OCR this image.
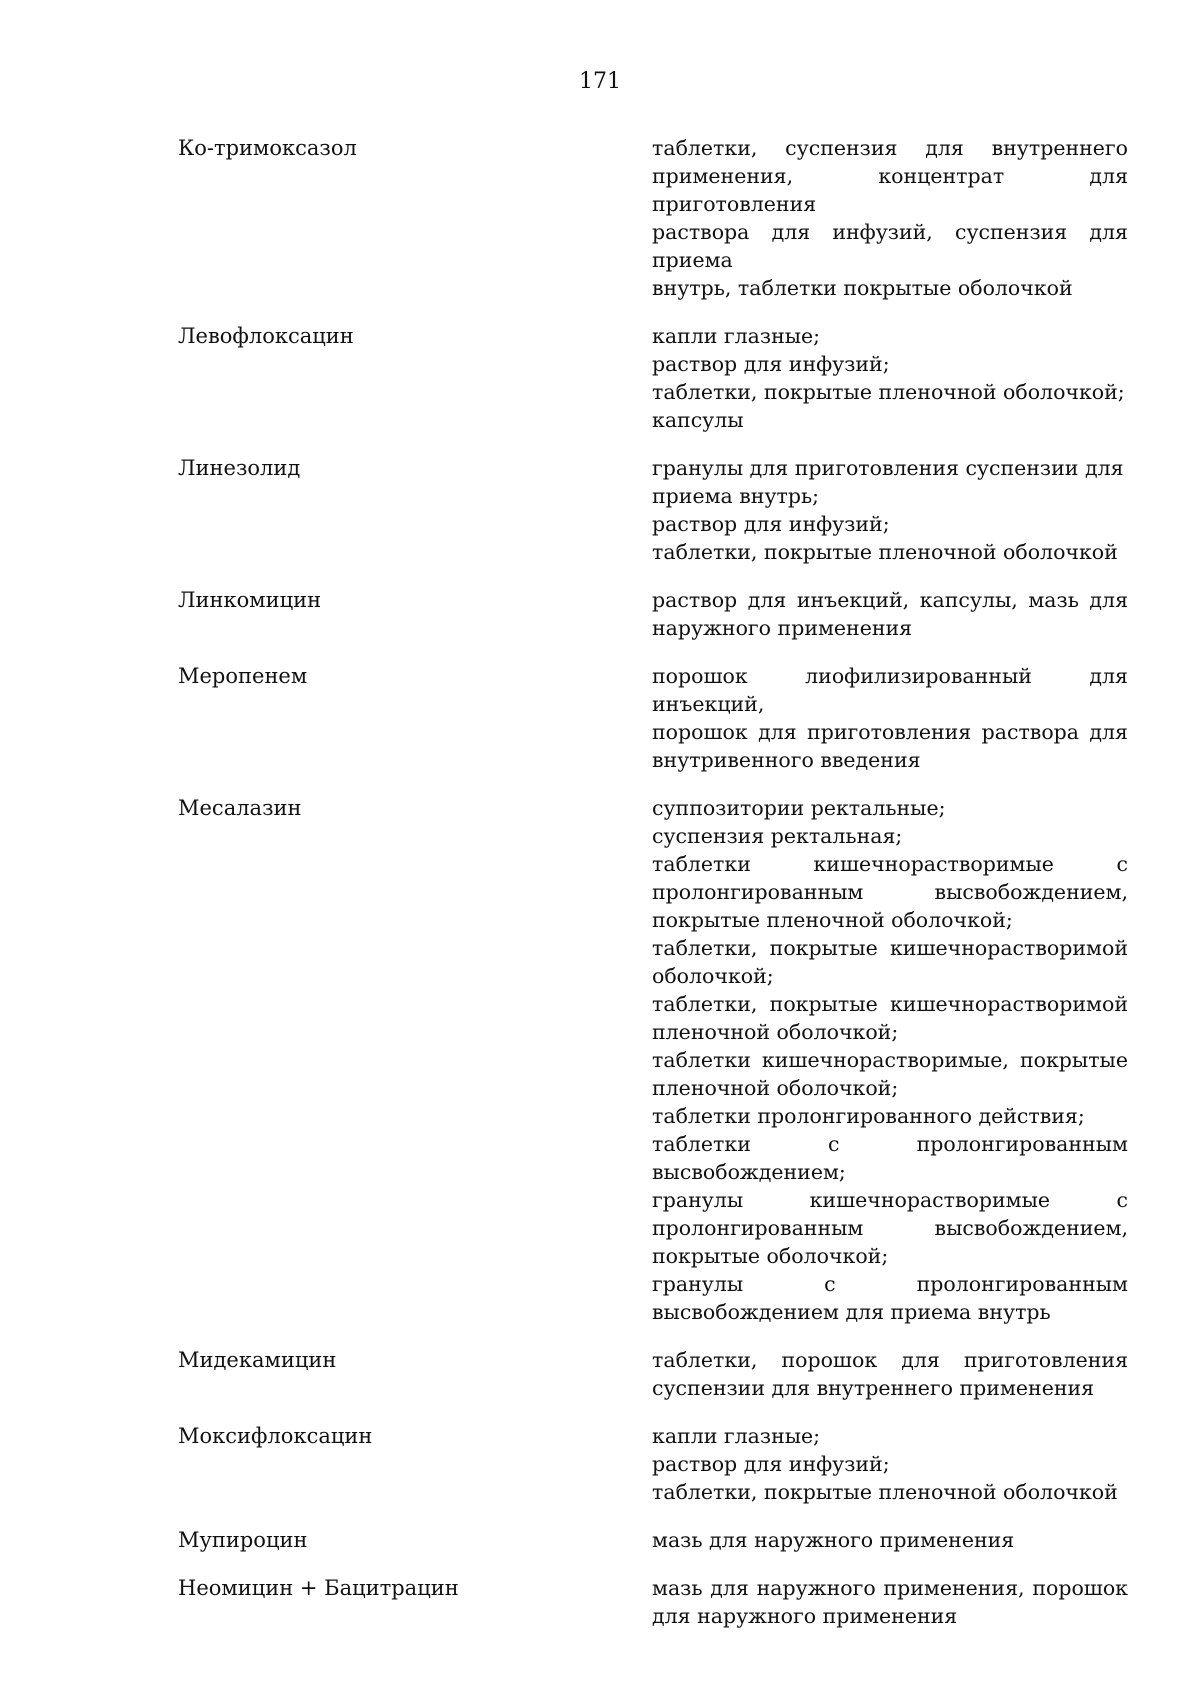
171
Ко-тримоксазол	таблетки, суспензия для внутреннего
применения, концентрат для приготовления
раствора для инфузий, суспензия для приема
внутрь, таблетки покрытые оболочкой
Левофлоксацин	капли глазные;
раствор для инфузий;
таблетки, покрытые пленочной оболочкой;
капсулы
Линезолид	гранулы для приготовления суспензии для
приема внутрь;
раствор для инфузий;
таблетки, покрытые пленочной оболочкой
Линкомицин	раствор для инъекций, капсулы, мазь для
наружного применения
Меропенем	порошок лиофилизированный для инъекций,
порошок для приготовления раствора для
внутривенного введения
Месалазин	суппозитории ректальные;
суспензия ректальная;
таблетки кишечнорастворимые с
пролонгированным высвобождением,
покрытые пленочной оболочкой;
таблетки, покрытые кишечнорастворимой
оболочкой;
таблетки, покрытые кишечнорастворимой
пленочной оболочкой;
таблетки кишечнорастворимые, покрытые
пленочной оболочкой;
таблетки пролонгированного действия;
таблетки с пролонгированным
высвобождением;
гранулы кишечнорастворимые с
пролонгированным высвобождением,
покрытые оболочкой;
гранулы с пролонгированным
высвобождением для приема внутрь
Мидекамицин	таблетки, порошок для приготовления
суспензии для внутреннего применения
Моксифлоксацин	капли глазные;
раствор для инфузий;
таблетки, покрытые пленочной оболочкой
Мупироцин	мазь для наружного применения
Неомицин + Бацитрацин	мазь для наружного применения, порошок
для наружного применения
